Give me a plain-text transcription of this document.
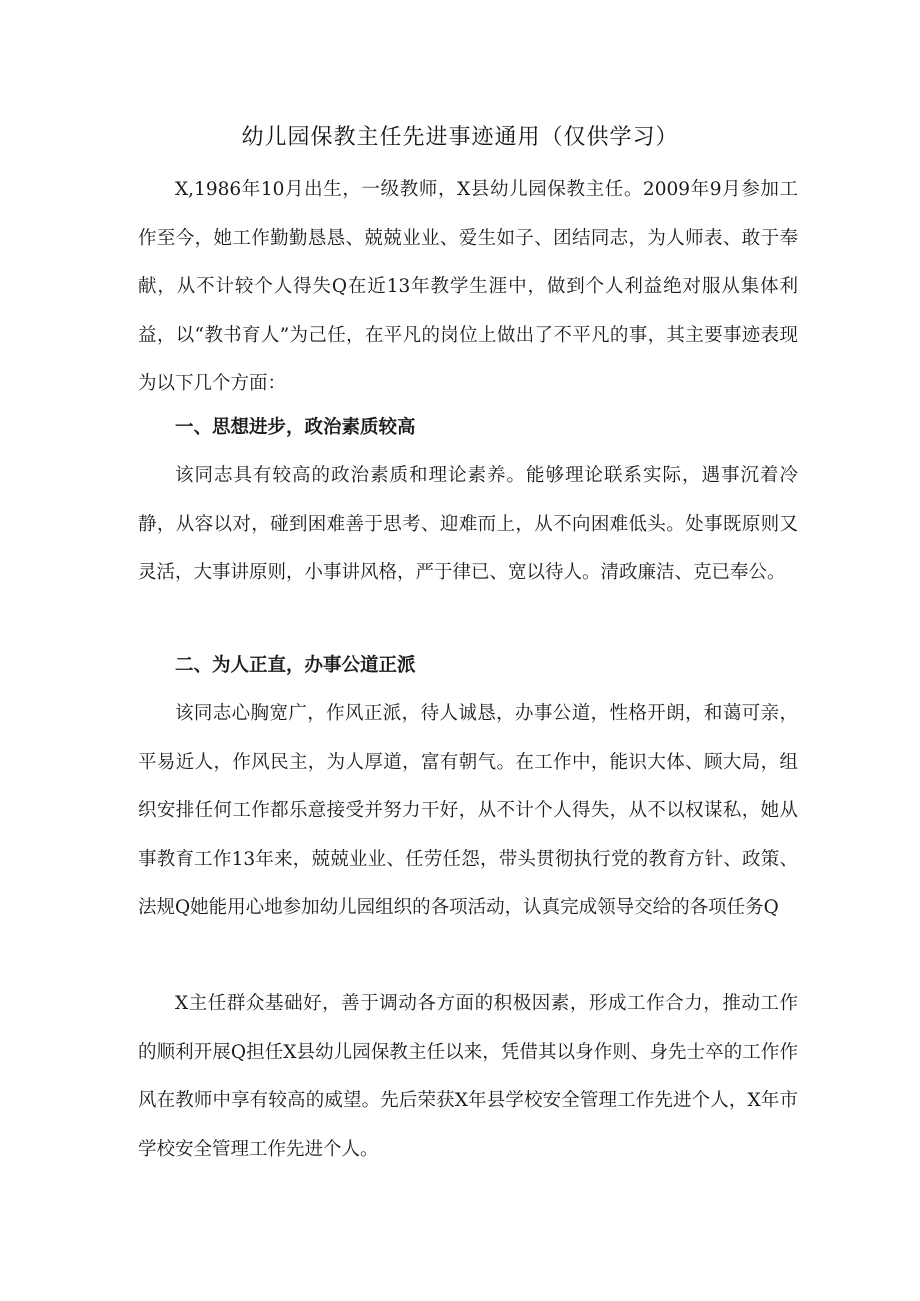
幼儿园保教主任先进事迹通用（仅供学习）

X,1986年10月出生，一级教师，X县幼儿园保教主任。2009年9月参加工作至今，她工作勤勤恳恳、兢兢业业、爱生如子、团结同志，为人师表、敢于奉献，从不计较个人得失Q在近13年教学生涯中，做到个人利益绝对服从集体利益，以“教书育人”为己任，在平凡的岗位上做出了不平凡的事，其主要事迹表现为以下几个方面：

一、思想进步，政治素质较高

该同志具有较高的政治素质和理论素养。能够理论联系实际，遇事沉着冷静，从容以对，碰到困难善于思考、迎难而上，从不向困难低头。处事既原则又灵活，大事讲原则，小事讲风格，严于律已、宽以待人。清政廉洁、克已奉公。

二、为人正直，办事公道正派

该同志心胸宽广，作风正派，待人诚恳，办事公道，性格开朗，和蔼可亲，平易近人，作风民主，为人厚道，富有朝气。在工作中，能识大体、顾大局，组织安排任何工作都乐意接受并努力干好，从不计个人得失，从不以权谋私，她从事教育工作13年来，兢兢业业、任劳任怨，带头贯彻执行党的教育方针、政策、法规Q她能用心地参加幼儿园组织的各项活动，认真完成领导交给的各项任务Q

X主任群众基础好，善于调动各方面的积极因素，形成工作合力，推动工作的顺利开展Q担任X县幼儿园保教主任以来，凭借其以身作则、身先士卒的工作作风在教师中享有较高的威望。先后荣获X年县学校安全管理工作先进个人，X年市学校安全管理工作先进个人。
